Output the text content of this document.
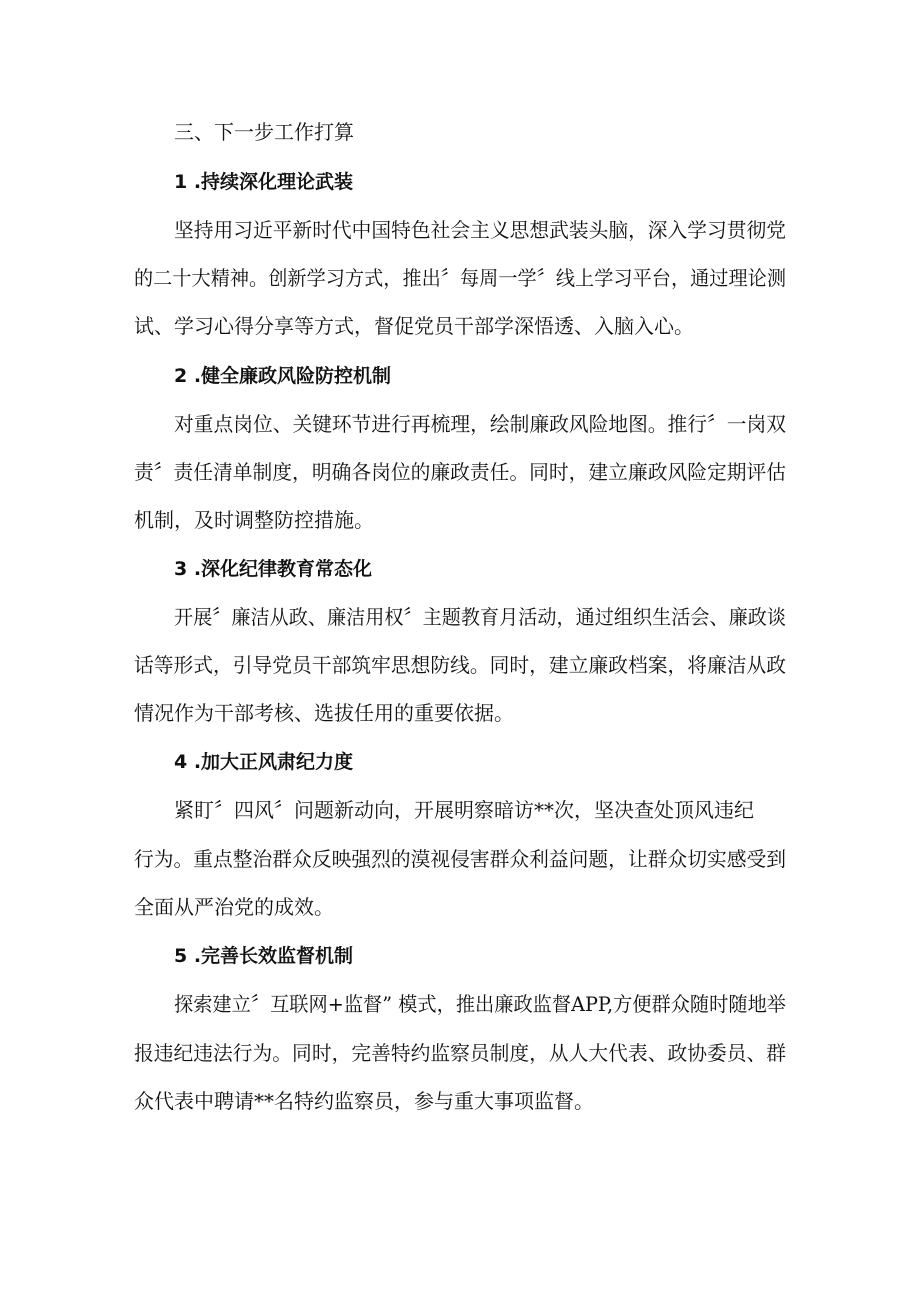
三、下一步工作打算
1 .持续深化理论武装
坚持用习近平新时代中国特色社会主义思想武装头脑，深入学习贯彻党
的二十大精神。创新学习方式，推出〞每周一学〞线上学习平台，通过理论测
试、学习心得分享等方式，督促党员干部学深悟透、入脑入心。
2 .健全廉政风险防控机制
对重点岗位、关键环节进行再梳理，绘制廉政风险地图。推行〞一岗双
责〞责任清单制度，明确各岗位的廉政责任。同时，建立廉政风险定期评估
机制，及时调整防控措施。
3 .深化纪律教育常态化
开展〞廉洁从政、廉洁用权〞主题教育月活动，通过组织生活会、廉政谈
话等形式，引导党员干部筑牢思想防线。同时，建立廉政档案，将廉洁从政
情况作为干部考核、选拔任用的重要依据。
4 .加大正风肃纪力度
紧盯〞四风〞问题新动向，开展明察暗访**次，坚决查处顶风违纪
行为。重点整治群众反映强烈的漠视侵害群众利益问题，让群众切实感受到
全面从严治党的成效。
5 .完善长效监督机制
探索建立〞互联网+监督” 模式，推出廉政监督APP,方便群众随时随地举
报违纪违法行为。同时，完善特约监察员制度，从人大代表、政协委员、群
众代表中聘请**名特约监察员，参与重大事项监督。
